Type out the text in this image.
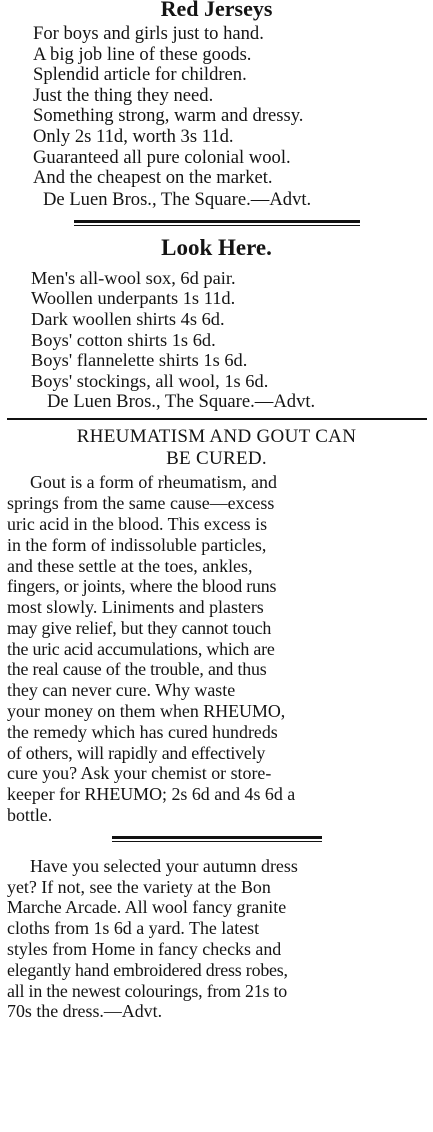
Red Jerseys
For boys and girls just to hand.
A big job line of these goods.
Splendid article for children.
Just the thing they need.
Something strong, warm and dressy.
Only 2s 11d, worth 3s 11d.
Guaranteed all pure colonial wool.
And the cheapest on the market.
De Luen Bros., The Square.—Advt.
Look Here.
Men's all-wool sox, 6d pair.
Woollen underpants 1s 11d.
Dark woollen shirts 4s 6d.
Boys' cotton shirts 1s 6d.
Boys' flannelette shirts 1s 6d.
Boys' stockings, all wool, 1s 6d.
De Luen Bros., The Square.—Advt.
RHEUMATISM AND GOUT CAN
BE CURED.
Gout is a form of rheumatism, and
springs from the same cause—excess
uric acid in the blood. This excess is
in the form of indissoluble particles,
and these settle at the toes, ankles,
fingers, or joints, where the blood runs
most slowly. Liniments and plasters
may give relief, but they cannot touch
the uric acid accumulations, which are
the real cause of the trouble, and thus
they can never cure. Why waste
your money on them when RHEUMO,
the remedy which has cured hundreds
of others, will rapidly and effectively
cure you? Ask your chemist or store-
keeper for RHEUMO; 2s 6d and 4s 6d a
bottle.
Have you selected your autumn dress
yet? If not, see the variety at the Bon
Marche Arcade. All wool fancy granite
cloths from 1s 6d a yard. The latest
styles from Home in fancy checks and
elegantly hand embroidered dress robes,
all in the newest colourings, from 21s to
70s the dress.—Advt.
